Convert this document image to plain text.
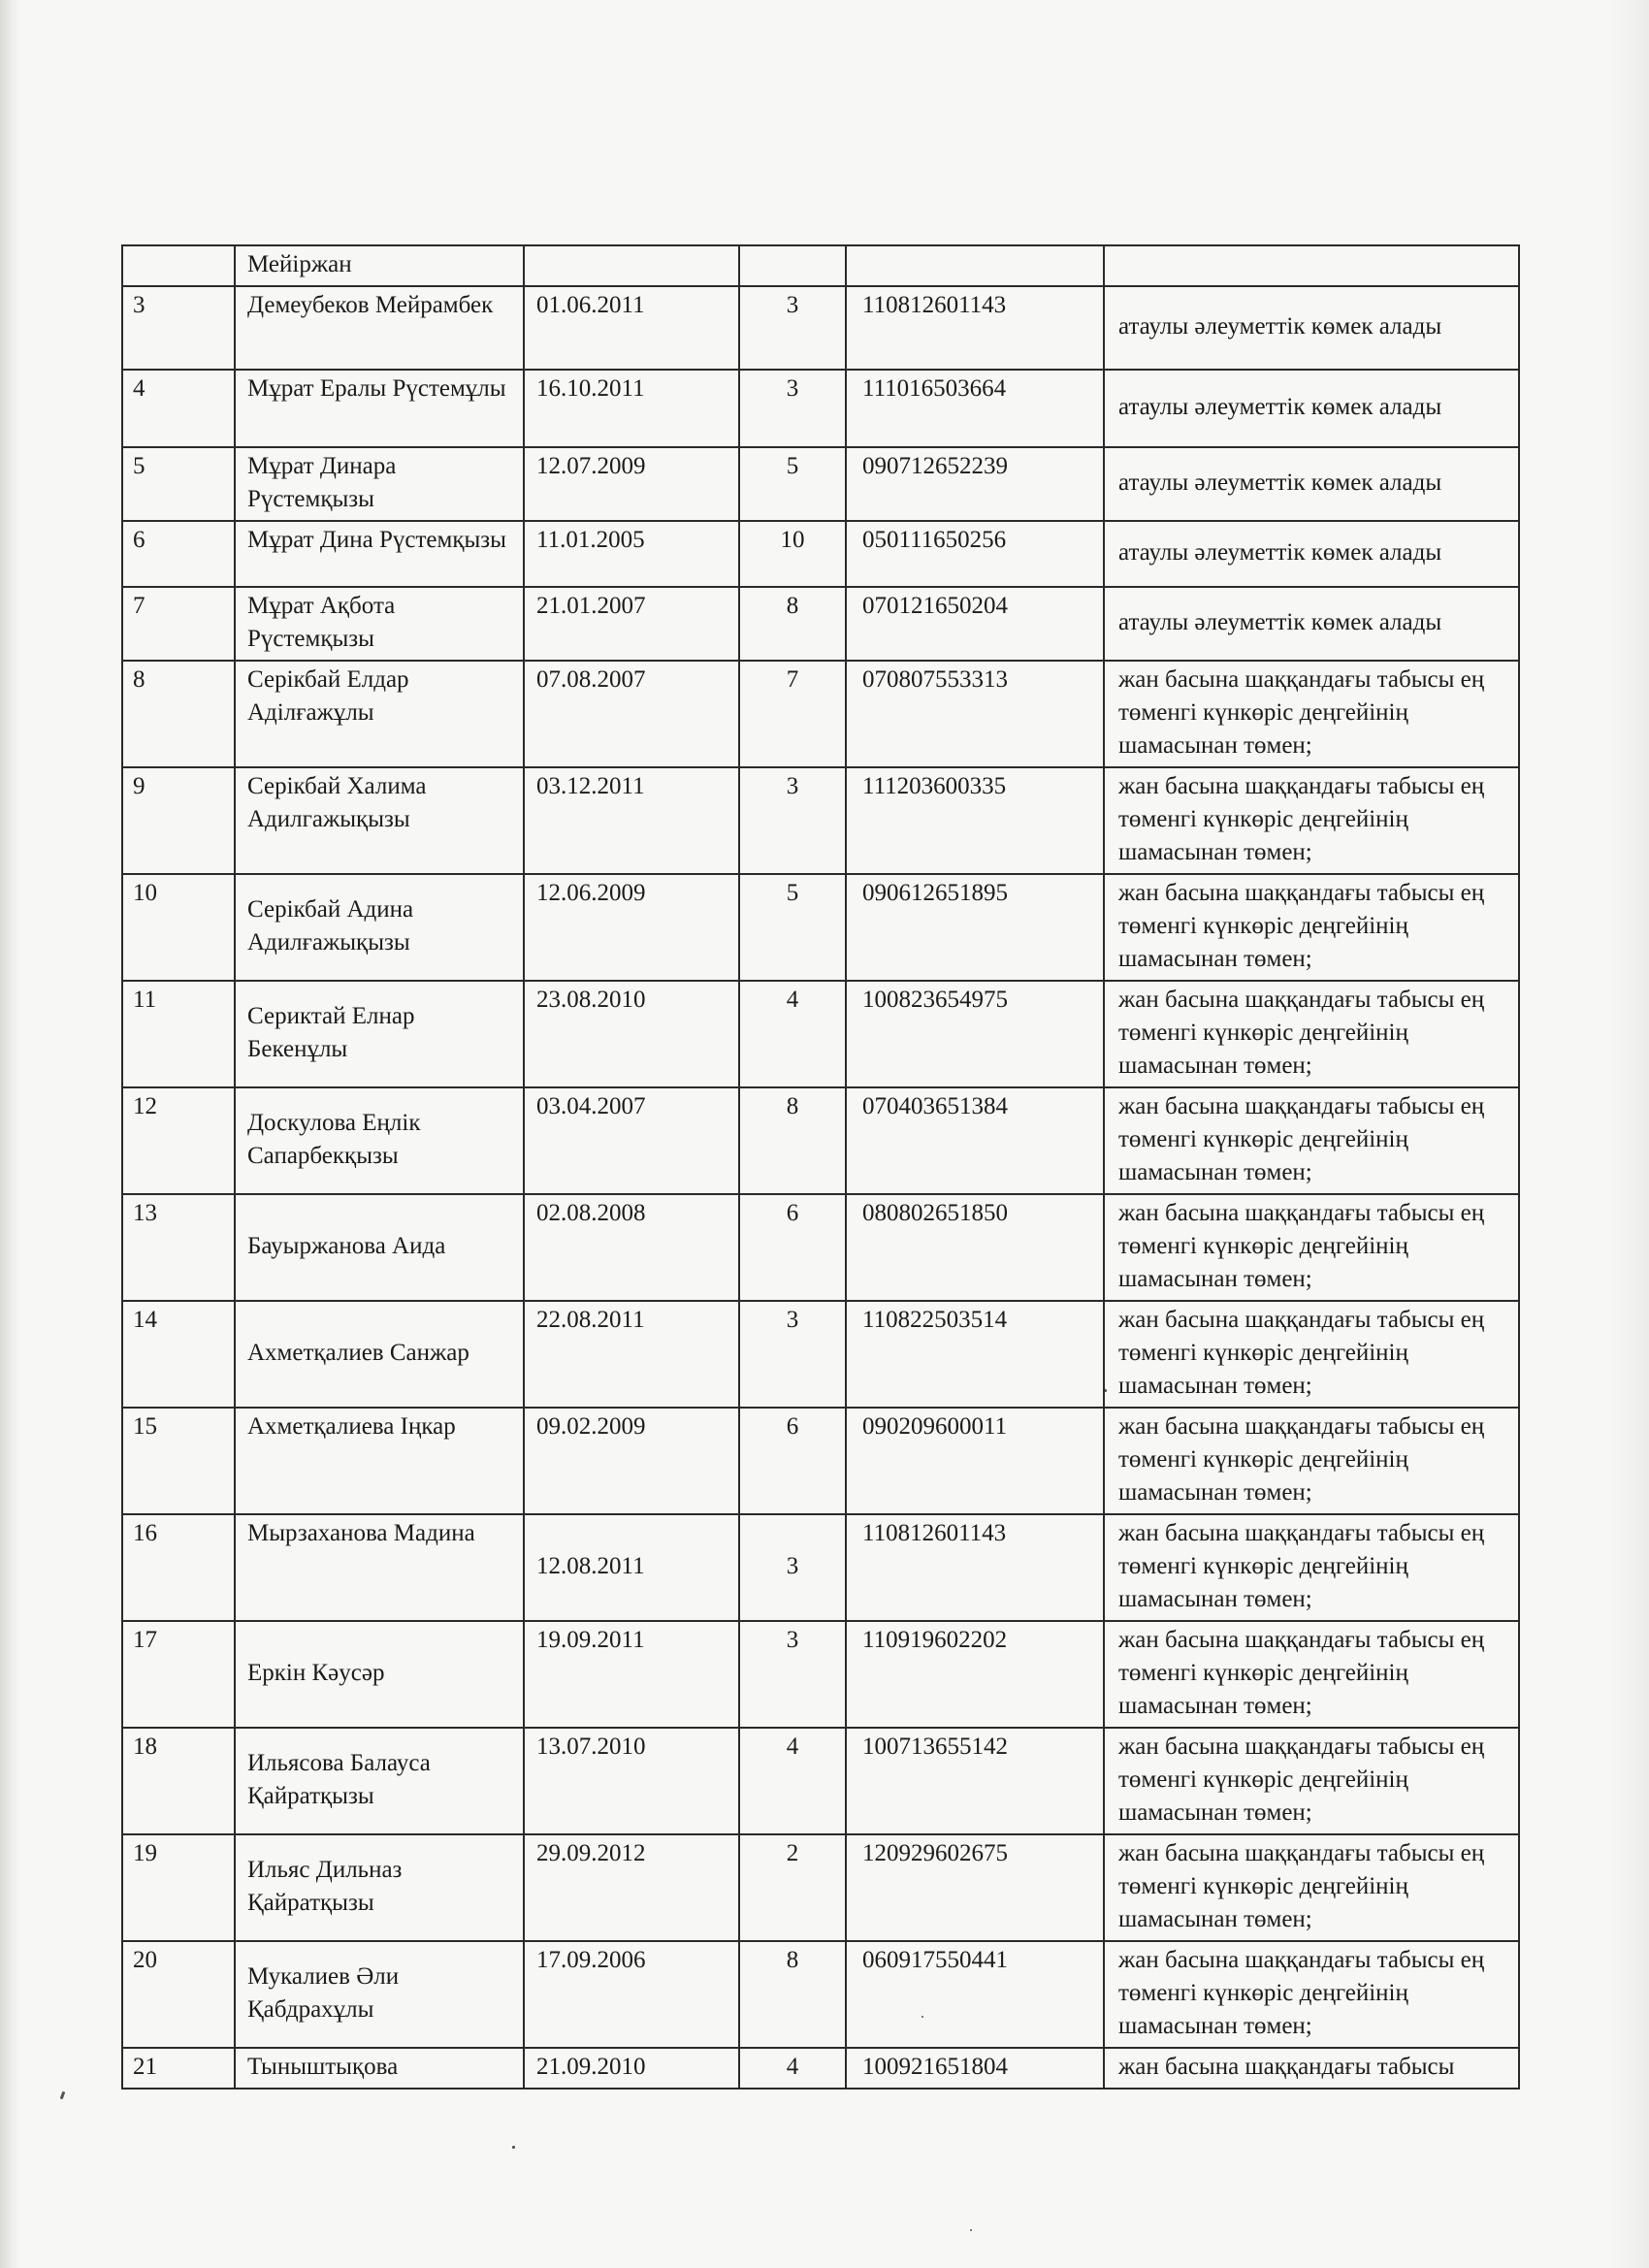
	Мейіржан				
3	Демеубеков Мейрамбек	01.06.2011	3	110812601143	атаулы әлеуметтік көмек алады
4	Мұрат Ералы Рүстемұлы	16.10.2011	3	111016503664	атаулы әлеуметтік көмек алады
5	Мұрат Динара Рүстемқызы	12.07.2009	5	090712652239	атаулы әлеуметтік көмек алады
6	Мұрат Дина Рүстемқызы	11.01.2005	10	050111650256	атаулы әлеуметтік көмек алады
7	Мұрат Ақбота Рүстемқызы	21.01.2007	8	070121650204	атаулы әлеуметтік көмек алады
8	Серікбай Елдар Аділғажұлы	07.08.2007	7	070807553313	жан басына шаққандағы табысы ең төменгі күнкөріс деңгейінің шамасынан төмен;
9	Серікбай Халима Адилгажықызы	03.12.2011	3	111203600335	жан басына шаққандағы табысы ең төменгі күнкөріс деңгейінің шамасынан төмен;
10	Серікбай Адина Адилғажықызы	12.06.2009	5	090612651895	жан басына шаққандағы табысы ең төменгі күнкөріс деңгейінің шамасынан төмен;
11	Сериктай Елнар Бекенұлы	23.08.2010	4	100823654975	жан басына шаққандағы табысы ең төменгі күнкөріс деңгейінің шамасынан төмен;
12	Доскулова Еңлік Сапарбекқызы	03.04.2007	8	070403651384	жан басына шаққандағы табысы ең төменгі күнкөріс деңгейінің шамасынан төмен;
13	Бауыржанова Аида	02.08.2008	6	080802651850	жан басына шаққандағы табысы ең төменгі күнкөріс деңгейінің шамасынан төмен;
14	Ахметқалиев Санжар	22.08.2011	3	110822503514	жан басына шаққандағы табысы ең төменгі күнкөріс деңгейінің шамасынан төмен;
15	Ахметқалиева Іңкар	09.02.2009	6	090209600011	жан басына шаққандағы табысы ең төменгі күнкөріс деңгейінің шамасынан төмен;
16	Мырзаханова Мадина	12.08.2011	3	110812601143	жан басына шаққандағы табысы ең төменгі күнкөріс деңгейінің шамасынан төмен;
17	Еркін Кәусәр	19.09.2011	3	110919602202	жан басына шаққандағы табысы ең төменгі күнкөріс деңгейінің шамасынан төмен;
18	Ильясова Балауса Қайратқызы	13.07.2010	4	100713655142	жан басына шаққандағы табысы ең төменгі күнкөріс деңгейінің шамасынан төмен;
19	Ильяс Дильназ Қайратқызы	29.09.2012	2	120929602675	жан басына шаққандағы табысы ең төменгі күнкөріс деңгейінің шамасынан төмен;
20	Мукалиев Әли Қабдрахұлы	17.09.2006	8	060917550441	жан басына шаққандағы табысы ең төменгі күнкөріс деңгейінің шамасынан төмен;
21	Тыныштықова	21.09.2010	4	100921651804	жан басына шаққандағы табысы
